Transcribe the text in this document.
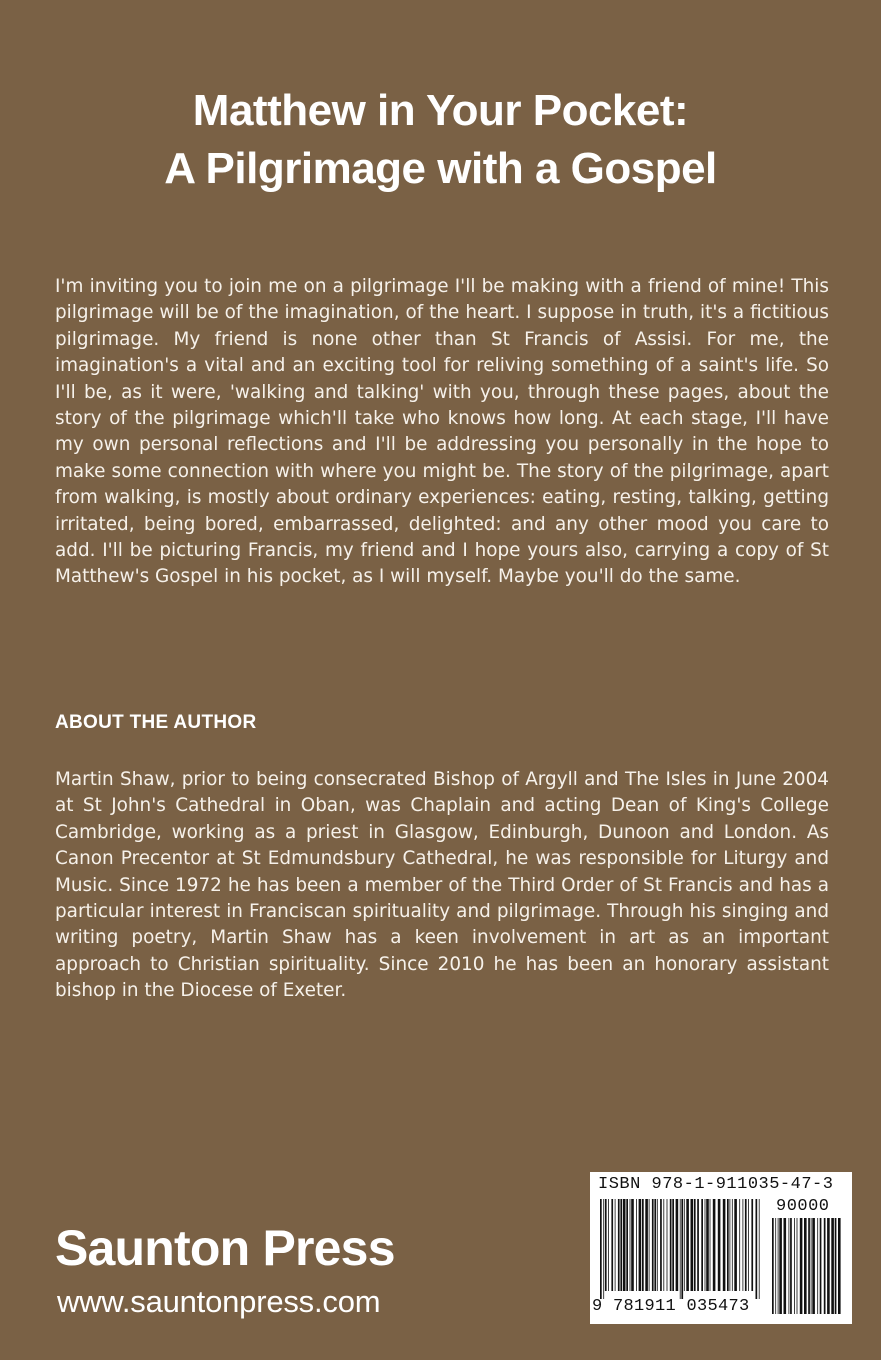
Matthew in Your Pocket:
A Pilgrimage with a Gospel

I'm inviting you to join me on a pilgrimage I'll be making with a friend of mine! This pilgrimage will be of the imagination, of the heart. I suppose in truth, it's a fictitious pilgrimage. My friend is none other than St Francis of Assisi. For me, the imagination's a vital and an exciting tool for reliving something of a saint's life. So I'll be, as it were, 'walking and talking' with you, through these pages, about the story of the pilgrimage which'll take who knows how long. At each stage, I'll have my own personal reflections and I'll be addressing you personally in the hope to make some connection with where you might be. The story of the pilgrimage, apart from walking, is mostly about ordinary experiences: eating, resting, talking, getting irritated, being bored, embarrassed, delighted: and any other mood you care to add. I'll be picturing Francis, my friend and I hope yours also, carrying a copy of St Matthew's Gospel in his pocket, as I will myself. Maybe you'll do the same.

ABOUT THE AUTHOR

Martin Shaw, prior to being consecrated Bishop of Argyll and The Isles in June 2004 at St John's Cathedral in Oban, was Chaplain and acting Dean of King's College Cambridge, working as a priest in Glasgow, Edinburgh, Dunoon and London. As Canon Precentor at St Edmundsbury Cathedral, he was responsible for Liturgy and Music. Since 1972 he has been a member of the Third Order of St Francis and has a particular interest in Franciscan spirituality and pilgrimage. Through his singing and writing poetry, Martin Shaw has a keen involvement in art as an important approach to Christian spirituality. Since 2010 he has been an honorary assistant bishop in the Diocese of Exeter.

Saunton Press
www.sauntonpress.com
ISBN 978-1-911035-47-3
90000
9 781911 035473
